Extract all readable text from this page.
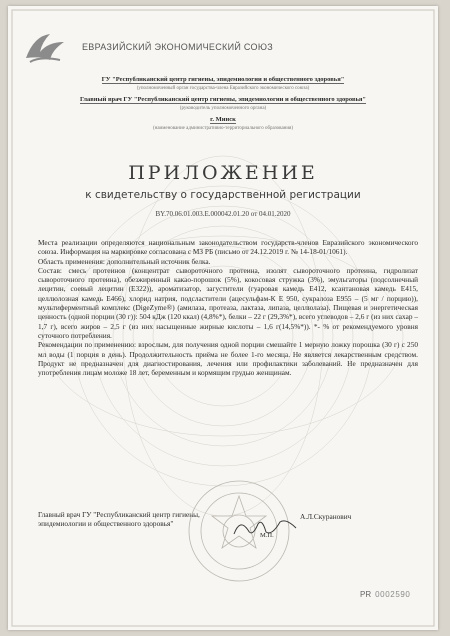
ЕВРАЗИЙСКИЙ ЭКОНОМИЧЕСКИЙ СОЮЗ
ГУ "Республиканский центр гигиены, эпидемиологии и общественного здоровья"
(уполномоченный орган государства-члена Евразийского экономического союза)
Главный врач ГУ "Республиканский центр гигиены, эпидемиологии и общественного здоровья"
(руководитель уполномоченного органа)
г. Минск
(наименование административно-территориального образования)
ПРИЛОЖЕНИЕ
к свидетельству о государственной регистрации
BY.70.06.01.003.E.000042.01.20 от 04.01.2020

Места реализации определяются национальным законодательством государств-членов Евразийского экономического союза. Информация на маркировке согласована с МЗ РБ (письмо от 24.12.2019 г. № 14-18-01/1061).

Область применения: дополнительный источник белка.

Состав: смесь протеинов (концентрат сывороточного протеина, изолят сывороточного протеина, гидролизат сывороточного протеина), обезжиренный какао-порошок (5%), кокосовая стружка (3%), эмульгаторы (подсолнечный лецитин, соевый лецитин (Е322)), ароматизатор, загустители (гуаровая камедь Е412, ксантановая камедь Е415, целлюлозная камедь Е466), хлорид натрия, подсластители (ацесульфам-К Е 950, сукралоза Е955 – (5 мг / порцию)), мультиферментный комплекс (DigeZyme®) (амилаза, протеаза, лактаза, липаза, целлюлаза). Пищевая и энергетическая ценность (одной порции (30 г)): 504 кДж (120 ккал) (4,8%*), белки – 22 г (29,3%*), всего углеводов – 2,6 г (из них сахар – 1,7 г), всего жиров – 2,5 г (из них насыщенные жирные кислоты – 1,6 г(14,5%*)). *- % от рекомендуемого уровня суточного потребления.

Рекомендации по применению: взрослым, для получения одной порции смешайте 1 мерную ложку порошка (30 г) с 250 мл воды (1 порция в день). Продолжительность приёма не более 1-го месяца. Не является лекарственным средством. Продукт не предназначен для диагностирования, лечения или профилактики заболеваний. Не предназначен для употребления лицам моложе 18 лет, беременным и кормящим грудью женщинам.

Главный врач ГУ "Республиканский центр гигиены, эпидемиологии и общественного здоровья"
М.П.
А.Л.Скуранович
PR 0002590
